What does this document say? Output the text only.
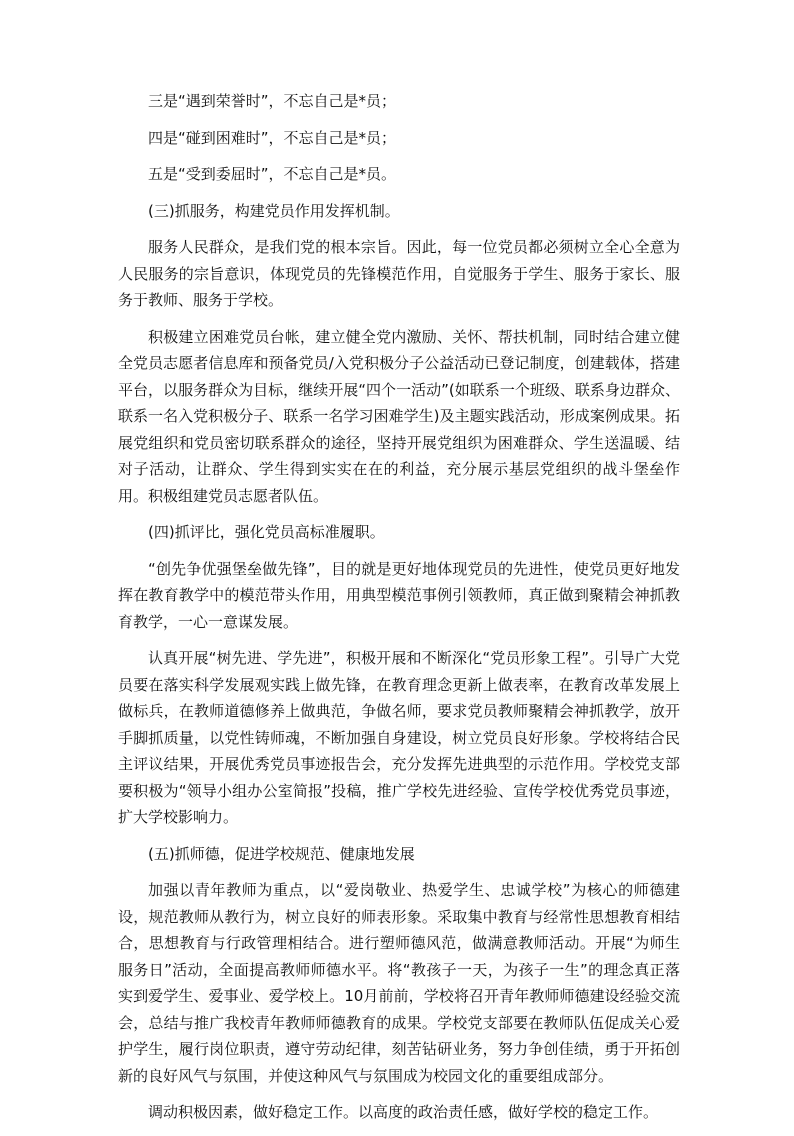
三是“遇到荣誉时”，不忘自己是*员；

四是“碰到困难时”，不忘自己是*员；

五是“受到委屈时”，不忘自己是*员。

(三)抓服务，构建党员作用发挥机制。

服务人民群众，是我们党的根本宗旨。因此，每一位党员都必须树立全心全意为人民服务的宗旨意识，体现党员的先锋模范作用，自觉服务于学生、服务于家长、服务于教师、服务于学校。

积极建立困难党员台帐，建立健全党内激励、关怀、帮扶机制，同时结合建立健全党员志愿者信息库和预备党员/入党积极分子公益活动已登记制度，创建载体，搭建平台，以服务群众为目标，继续开展“四个一活动”(如联系一个班级、联系身边群众、联系一名入党积极分子、联系一名学习困难学生)及主题实践活动，形成案例成果。拓展党组织和党员密切联系群众的途径，坚持开展党组织为困难群众、学生送温暖、结对子活动，让群众、学生得到实实在在的利益，充分展示基层党组织的战斗堡垒作用。积极组建党员志愿者队伍。

(四)抓评比，强化党员高标准履职。

“创先争优强堡垒做先锋”，目的就是更好地体现党员的先进性，使党员更好地发挥在教育教学中的模范带头作用，用典型模范事例引领教师，真正做到聚精会神抓教育教学，一心一意谋发展。

认真开展“树先进、学先进”，积极开展和不断深化“党员形象工程”。引导广大党员要在落实科学发展观实践上做先锋，在教育理念更新上做表率，在教育改革发展上做标兵，在教师道德修养上做典范，争做名师，要求党员教师聚精会神抓教学，放开手脚抓质量，以党性铸师魂，不断加强自身建设，树立党员良好形象。学校将结合民主评议结果，开展优秀党员事迹报告会，充分发挥先进典型的示范作用。学校党支部要积极为“领导小组办公室简报”投稿，推广学校先进经验、宣传学校优秀党员事迹，扩大学校影响力。

(五)抓师德，促进学校规范、健康地发展

加强以青年教师为重点，以“爱岗敬业、热爱学生、忠诚学校”为核心的师德建设，规范教师从教行为，树立良好的师表形象。采取集中教育与经常性思想教育相结合，思想教育与行政管理相结合。进行塑师德风范，做满意教师活动。开展“为师生服务日”活动，全面提高教师师德水平。将“教孩子一天，为孩子一生”的理念真正落实到爱学生、爱事业、爱学校上。10月前前，学校将召开青年教师师德建设经验交流会，总结与推广我校青年教师师德教育的成果。学校党支部要在教师队伍促成关心爱护学生，履行岗位职责，遵守劳动纪律，刻苦钻研业务，努力争创佳绩，勇于开拓创新的良好风气与氛围，并使这种风气与氛围成为校园文化的重要组成部分。

调动积极因素，做好稳定工作。以高度的政治责任感，做好学校的稳定工作。
